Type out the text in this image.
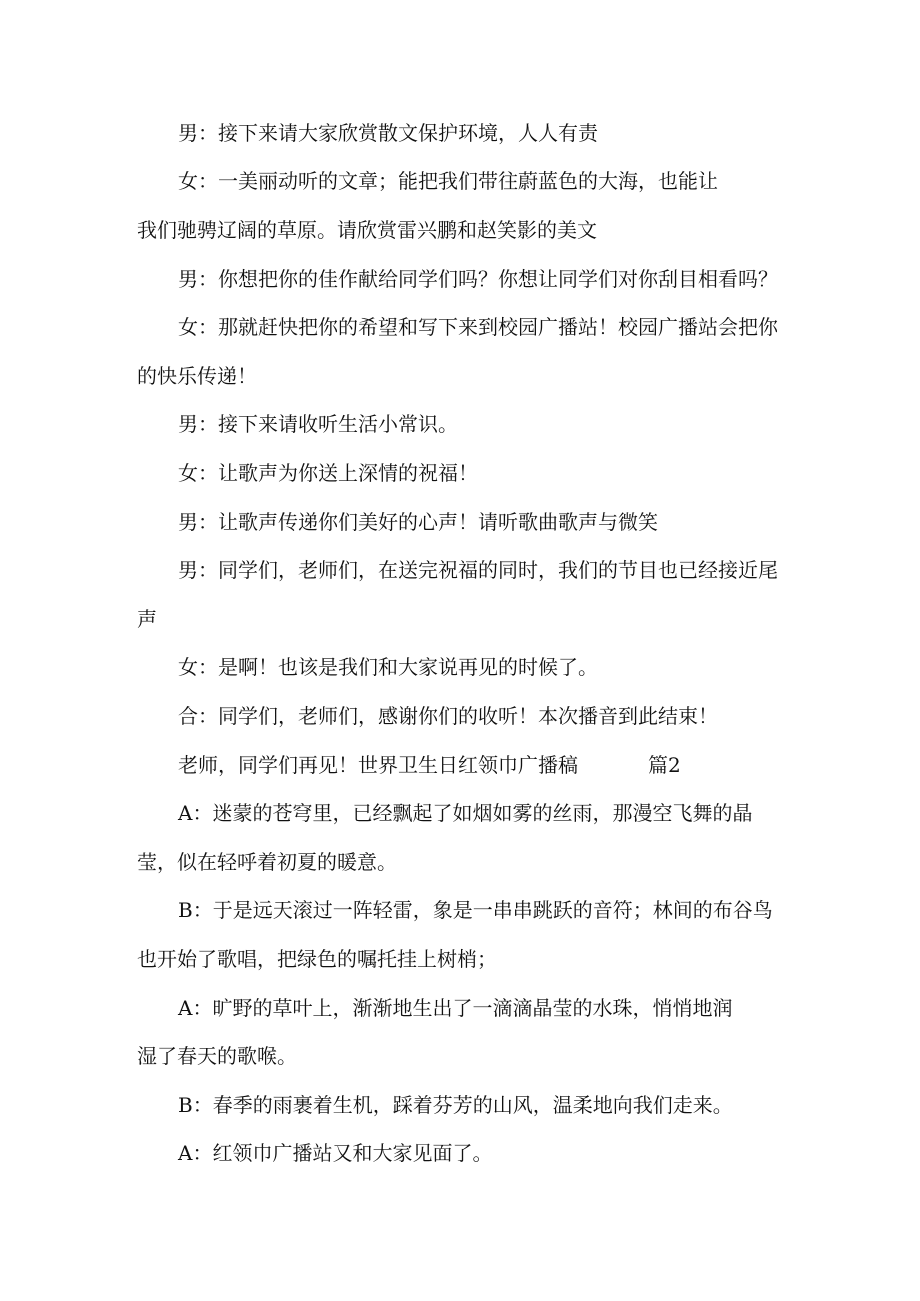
男：接下来请大家欣赏散文保护环境，人人有责
女：一美丽动听的文章；能把我们带往蔚蓝色的大海，也能让
我们驰骋辽阔的草原。请欣赏雷兴鹏和赵笑影的美文
男：你想把你的佳作献给同学们吗？你想让同学们对你刮目相看吗？
女：那就赶快把你的希望和写下来到校园广播站！校园广播站会把你
的快乐传递！
男：接下来请收听生活小常识。
女：让歌声为你送上深情的祝福！
男：让歌声传递你们美好的心声！请听歌曲歌声与微笑
男：同学们，老师们，在送完祝福的同时，我们的节目也已经接近尾
声
女：是啊！也该是我们和大家说再见的时候了。
合：同学们，老师们，感谢你们的收听！本次播音到此结束！
老师，同学们再见！世界卫生日红领巾广播稿	篇2
A：迷蒙的苍穹里，已经飘起了如烟如雾的丝雨，那漫空飞舞的晶
莹，似在轻呼着初夏的暖意。
B：于是远天滚过一阵轻雷，象是一串串跳跃的音符；林间的布谷鸟
也开始了歌唱，把绿色的嘱托挂上树梢；
A：旷野的草叶上，渐渐地生出了一滴滴晶莹的水珠，悄悄地润
湿了春天的歌喉。
B：春季的雨裹着生机，踩着芬芳的山风，温柔地向我们走来。
A：红领巾广播站又和大家见面了。
